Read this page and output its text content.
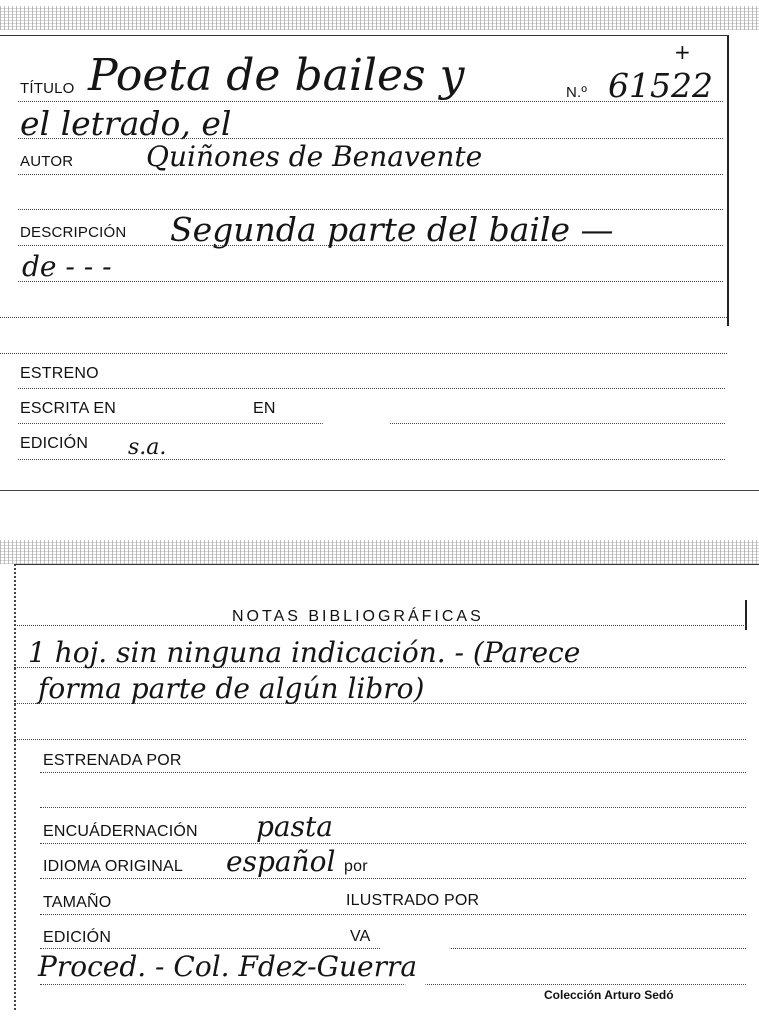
TÍTULO Poeta de bailes y	N.º 61522
+
el letrado, el
AUTOR	Quiñones de Benavente
DESCRIPCIÓN Segunda parte del baile —
de - - -
ESTRENO
ESCRITA EN	EN
EDICIÓN s.a.
NOTAS BIBLIOGRÁFICAS
1 hoj. sin ninguna indicación. - (Parece
forma parte de algún libro)
ESTRENADA POR
ENCUÁDERNACIÓN pasta
IDIOMA ORIGINAL español por
TAMAÑO	ILUSTRADO POR
EDICIÓN	VA
Proced. - Col. Fdez-Guerra
Colección Arturo Sedó
